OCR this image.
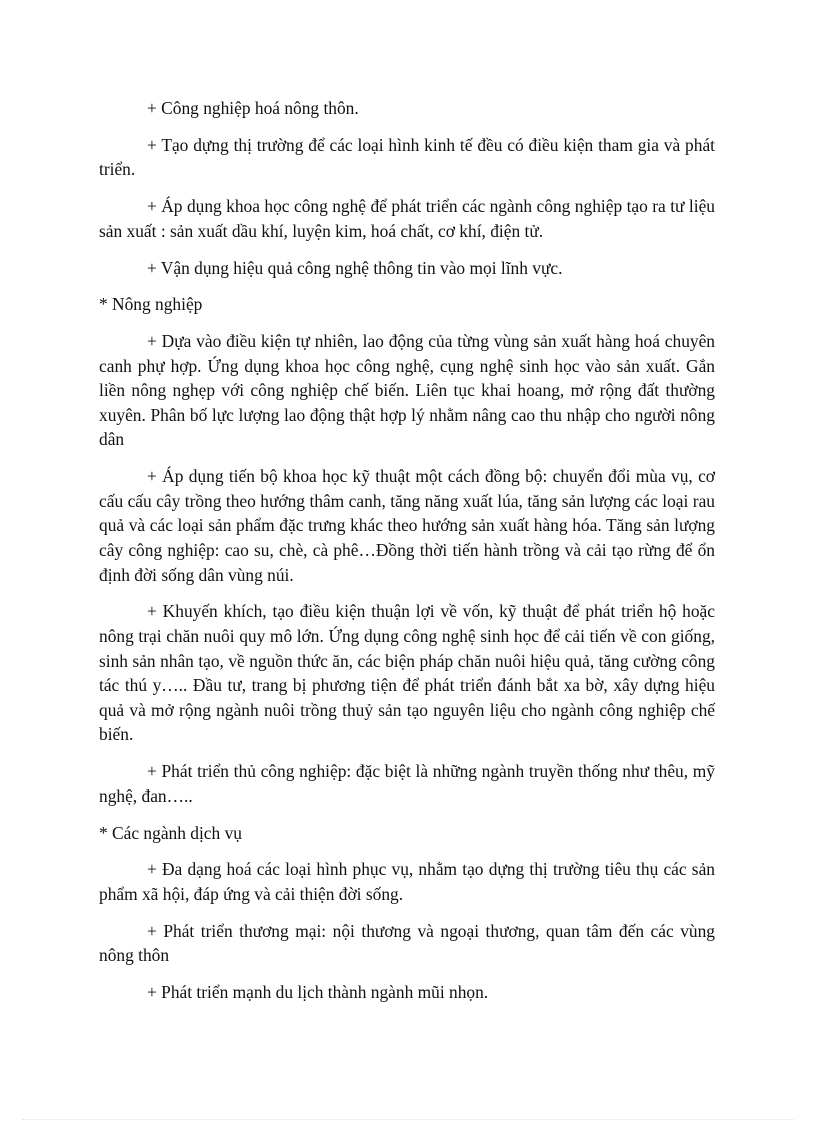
+ Công nghiệp hoá nông thôn.

+ Tạo dựng thị trường để các loại hình kinh tế đều có điều kiện tham gia và phát triển.

+ Áp dụng khoa học công nghệ để phát triển các ngành công nghiệp tạo ra tư liệu sản xuất : sản xuất dầu khí, luyện kim, hoá chất, cơ khí, điện tử.

+ Vận dụng hiệu quả công nghệ thông tin vào mọi lĩnh vực.

* Nông nghiệp

+ Dựa vào điều kiện tự nhiên, lao động của từng vùng sản xuất hàng hoá chuyên canh phự hợp. Ứng dụng khoa học công nghệ, cụng nghệ sinh học vào sản xuất. Gắn liền nông nghẹp với công nghiệp chế biến. Liên tục khai hoang, mở rộng đất thường xuyên. Phân bố lực lượng lao động thật hợp lý nhằm nâng cao thu nhập cho người nông dân

+ Áp dụng tiến bộ khoa học kỹ thuật một cách đồng bộ: chuyển đổi mùa vụ, cơ cấu cấu cây trồng theo hướng thâm canh, tăng năng xuất lúa, tăng sản lượng các loại rau quả và các loại sản phẩm đặc trưng khác theo hướng sản xuất hàng hóa. Tăng sản lượng cây công nghiệp: cao su, chè, cà phê…Đồng thời tiến hành trồng và cải tạo rừng để ổn định đời sống dân vùng núi.

+ Khuyến khích, tạo điều kiện thuận lợi về vốn, kỹ thuật để phát triển hộ hoặc nông trại chăn nuôi quy mô lớn. Ứng dụng công nghệ sinh học để cải tiến về con giống, sinh sản nhân tạo, về nguồn thức ăn, các biện pháp chăn nuôi hiệu quả, tăng cường công tác thú y….. Đầu tư, trang bị phương tiện để phát triển đánh bắt xa bờ, xây dựng hiệu quả và mở rộng ngành nuôi trồng thuỷ sản tạo nguyên liệu cho ngành công nghiệp chế biến.

+ Phát triển thủ công nghiệp: đặc biệt là những ngành truyền thống như thêu, mỹ nghệ, đan…..

* Các ngành dịch vụ

+ Đa dạng hoá các loại hình phục vụ, nhằm tạo dựng thị trường tiêu thụ các sản phẩm xã hội, đáp ứng và cải thiện đời sống.

+ Phát triển thương mại: nội thương và ngoại thương, quan tâm đến các vùng nông thôn

+ Phát triển mạnh du lịch thành ngành mũi nhọn.
